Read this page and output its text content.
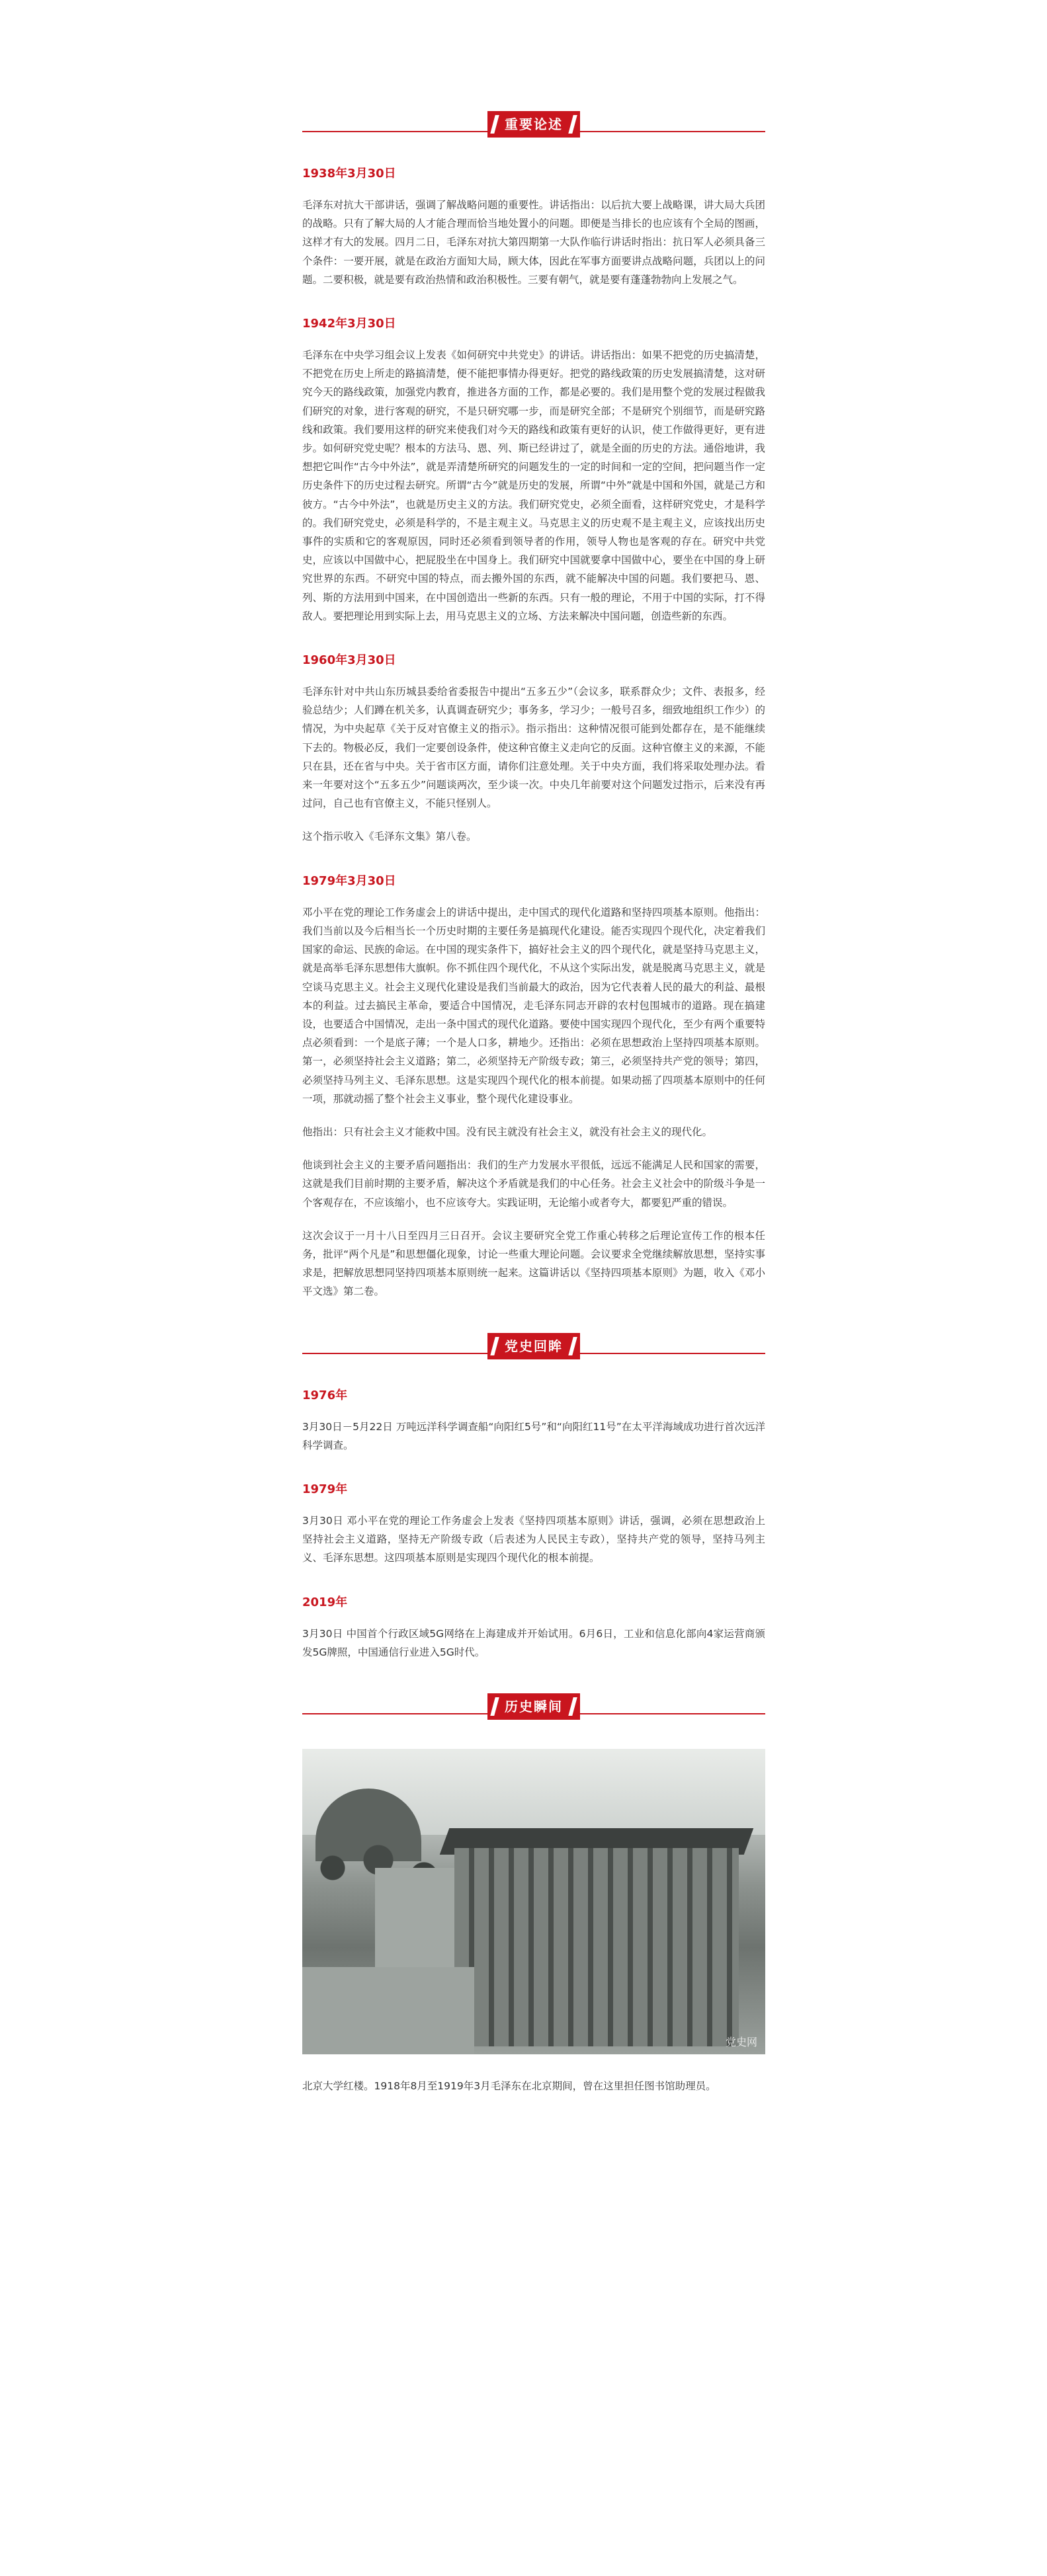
重要论述
1938年3月30日

毛泽东对抗大干部讲话，强调了解战略问题的重要性。讲话指出：以后抗大要上战略课，讲大局大兵团的战略。只有了解大局的人才能合理而恰当地处置小的问题。即便是当排长的也应该有个全局的图画，这样才有大的发展。四月二日，毛泽东对抗大第四期第一大队作临行讲话时指出：抗日军人必须具备三个条件：一要开展，就是在政治方面知大局，顾大体，因此在军事方面要讲点战略问题，兵团以上的问题。二要积极，就是要有政治热情和政治积极性。三要有朝气，就是要有蓬蓬勃勃向上发展之气。

1942年3月30日

毛泽东在中央学习组会议上发表《如何研究中共党史》的讲话。讲话指出：如果不把党的历史搞清楚，不把党在历史上所走的路搞清楚，便不能把事情办得更好。把党的路线政策的历史发展搞清楚，这对研究今天的路线政策，加强党内教育，推进各方面的工作，都是必要的。我们是用整个党的发展过程做我们研究的对象，进行客观的研究，不是只研究哪一步，而是研究全部；不是研究个别细节，而是研究路线和政策。我们要用这样的研究来使我们对今天的路线和政策有更好的认识，使工作做得更好，更有进步。如何研究党史呢？根本的方法马、恩、列、斯已经讲过了，就是全面的历史的方法。通俗地讲，我想把它叫作“古今中外法”，就是弄清楚所研究的问题发生的一定的时间和一定的空间，把问题当作一定历史条件下的历史过程去研究。所谓“古今”就是历史的发展，所谓“中外”就是中国和外国，就是己方和彼方。“古今中外法”，也就是历史主义的方法。我们研究党史，必须全面看，这样研究党史，才是科学的。我们研究党史，必须是科学的，不是主观主义。马克思主义的历史观不是主观主义，应该找出历史事件的实质和它的客观原因，同时还必须看到领导者的作用，领导人物也是客观的存在。研究中共党史，应该以中国做中心，把屁股坐在中国身上。我们研究中国就要拿中国做中心，要坐在中国的身上研究世界的东西。不研究中国的特点，而去搬外国的东西，就不能解决中国的问题。我们要把马、恩、列、斯的方法用到中国来，在中国创造出一些新的东西。只有一般的理论，不用于中国的实际，打不得敌人。要把理论用到实际上去，用马克思主义的立场、方法来解决中国问题，创造些新的东西。

1960年3月30日

毛泽东针对中共山东历城县委给省委报告中提出“五多五少”（会议多，联系群众少；文件、表报多，经验总结少；人们蹲在机关多，认真调查研究少；事务多，学习少；一般号召多，细致地组织工作少）的情况，为中央起草《关于反对官僚主义的指示》。指示指出：这种情况很可能到处都存在，是不能继续下去的。物极必反，我们一定要创设条件，使这种官僚主义走向它的反面。这种官僚主义的来源，不能只在县，还在省与中央。关于省市区方面，请你们注意处理。关于中央方面，我们将采取处理办法。看来一年要对这个“五多五少”问题谈两次，至少谈一次。中央几年前要对这个问题发过指示，后来没有再过问，自己也有官僚主义，不能只怪别人。

这个指示收入《毛泽东文集》第八卷。

1979年3月30日

邓小平在党的理论工作务虚会上的讲话中提出，走中国式的现代化道路和坚持四项基本原则。他指出：我们当前以及今后相当长一个历史时期的主要任务是搞现代化建设。能否实现四个现代化，决定着我们国家的命运、民族的命运。在中国的现实条件下，搞好社会主义的四个现代化，就是坚持马克思主义，就是高举毛泽东思想伟大旗帜。你不抓住四个现代化，不从这个实际出发，就是脱离马克思主义，就是空谈马克思主义。社会主义现代化建设是我们当前最大的政治，因为它代表着人民的最大的利益、最根本的利益。过去搞民主革命，要适合中国情况，走毛泽东同志开辟的农村包围城市的道路。现在搞建设，也要适合中国情况，走出一条中国式的现代化道路。要使中国实现四个现代化，至少有两个重要特点必须看到：一个是底子薄；一个是人口多，耕地少。还指出：必须在思想政治上坚持四项基本原则。第一，必须坚持社会主义道路；第二，必须坚持无产阶级专政；第三，必须坚持共产党的领导；第四，必须坚持马列主义、毛泽东思想。这是实现四个现代化的根本前提。如果动摇了四项基本原则中的任何一项，那就动摇了整个社会主义事业，整个现代化建设事业。

他指出：只有社会主义才能救中国。没有民主就没有社会主义，就没有社会主义的现代化。

他谈到社会主义的主要矛盾问题指出：我们的生产力发展水平很低，远远不能满足人民和国家的需要，这就是我们目前时期的主要矛盾，解决这个矛盾就是我们的中心任务。社会主义社会中的阶级斗争是一个客观存在，不应该缩小，也不应该夸大。实践证明，无论缩小或者夸大，都要犯严重的错误。

这次会议于一月十八日至四月三日召开。会议主要研究全党工作重心转移之后理论宣传工作的根本任务，批评“两个凡是”和思想僵化现象，讨论一些重大理论问题。会议要求全党继续解放思想，坚持实事求是，把解放思想同坚持四项基本原则统一起来。这篇讲话以《坚持四项基本原则》为题，收入《邓小平文选》第二卷。

党史回眸
1976年

3月30日－5月22日 万吨远洋科学调查船“向阳红5号”和“向阳红11号”在太平洋海域成功进行首次远洋科学调查。

1979年

3月30日 邓小平在党的理论工作务虚会上发表《坚持四项基本原则》讲话，强调，必须在思想政治上坚持社会主义道路，坚持无产阶级专政（后表述为人民民主专政），坚持共产党的领导，坚持马列主义、毛泽东思想。这四项基本原则是实现四个现代化的根本前提。

2019年

3月30日 中国首个行政区域5G网络在上海建成并开始试用。6月6日，工业和信息化部向4家运营商颁发5G牌照，中国通信行业进入5G时代。

历史瞬间
党史网

北京大学红楼。1918年8月至1919年3月毛泽东在北京期间，曾在这里担任图书馆助理员。
